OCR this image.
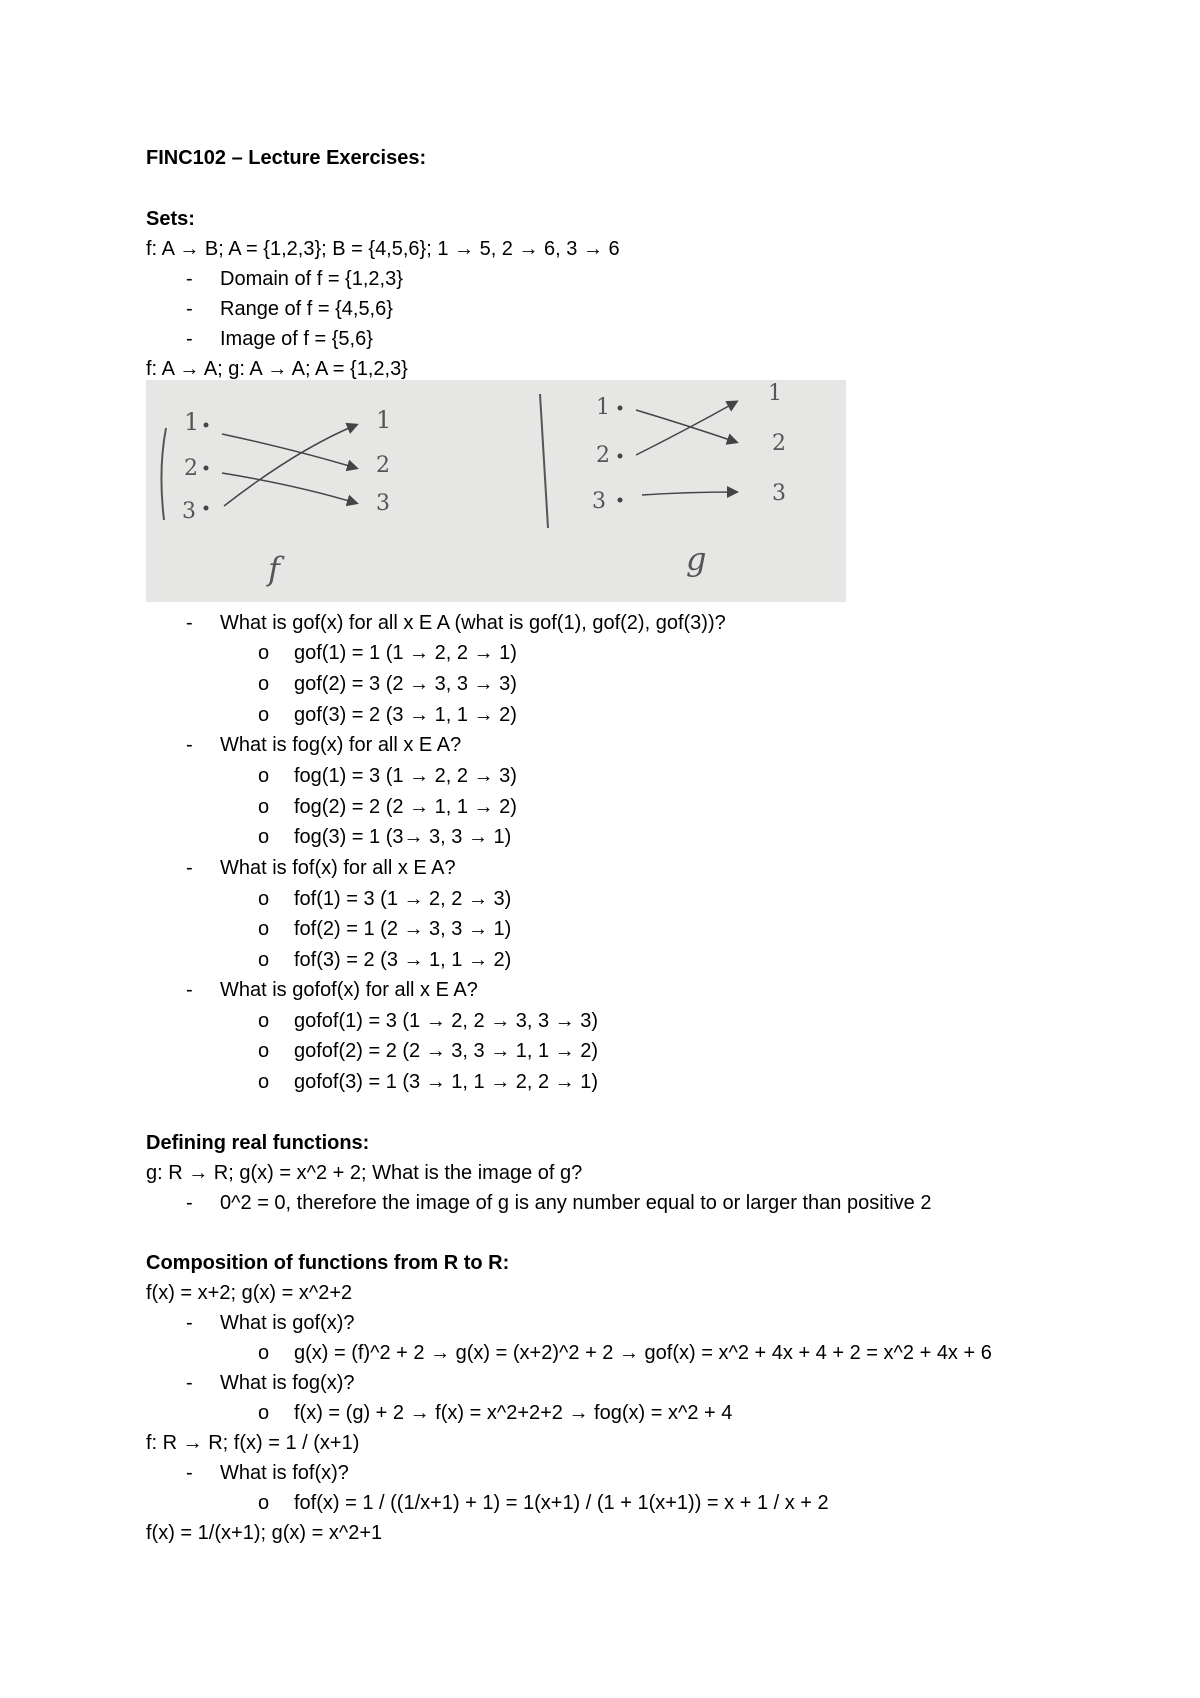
FINC102 – Lecture Exercises:
Sets:
f: A → B; A = {1,2,3}; B = {4,5,6}; 1 → 5, 2 → 6, 3 → 6
Domain of f = {1,2,3}
Range of f = {4,5,6}
Image of f = {5,6}
f: A → A; g: A → A; A = {1,2,3}
1
2
3
1
2
3
f
1
2
3
1
2
3
g
What is gof(x) for all x E A (what is gof(1), gof(2), gof(3))?
gof(1) = 1 (1 → 2, 2 → 1)
gof(2) = 3 (2 → 3, 3 → 3)
gof(3) = 2 (3 → 1, 1 → 2)
What is fog(x) for all x E A?
fog(1) = 3 (1 → 2, 2 → 3)
fog(2) = 2 (2 → 1, 1 → 2)
fog(3) = 1 (3→ 3, 3 → 1)
What is fof(x) for all x E A?
fof(1) = 3 (1 → 2, 2 → 3)
fof(2) = 1 (2 → 3, 3 → 1)
fof(3) = 2 (3 → 1, 1 → 2)
What is gofof(x) for all x E A?
gofof(1) = 3 (1 → 2, 2 → 3, 3 → 3)
gofof(2) = 2 (2 → 3, 3 → 1, 1 → 2)
gofof(3) = 1 (3 → 1, 1 → 2, 2 → 1)
Defining real functions:
g: R → R; g(x) = x^2 + 2; What is the image of g?
0^2 = 0, therefore the image of g is any number equal to or larger than positive 2
Composition of functions from R to R:
f(x) = x+2; g(x) = x^2+2
What is gof(x)?
g(x) = (f)^2 + 2 → g(x) = (x+2)^2 + 2 → gof(x) = x^2 + 4x + 4 + 2 = x^2 + 4x + 6
What is fog(x)?
f(x) = (g) + 2 → f(x) = x^2+2+2 → fog(x) = x^2 + 4
f: R → R; f(x) = 1 / (x+1)
What is fof(x)?
fof(x) = 1 / ((1/x+1) + 1) = 1(x+1) / (1 + 1(x+1)) = x + 1 / x + 2
f(x) = 1/(x+1); g(x) = x^2+1
